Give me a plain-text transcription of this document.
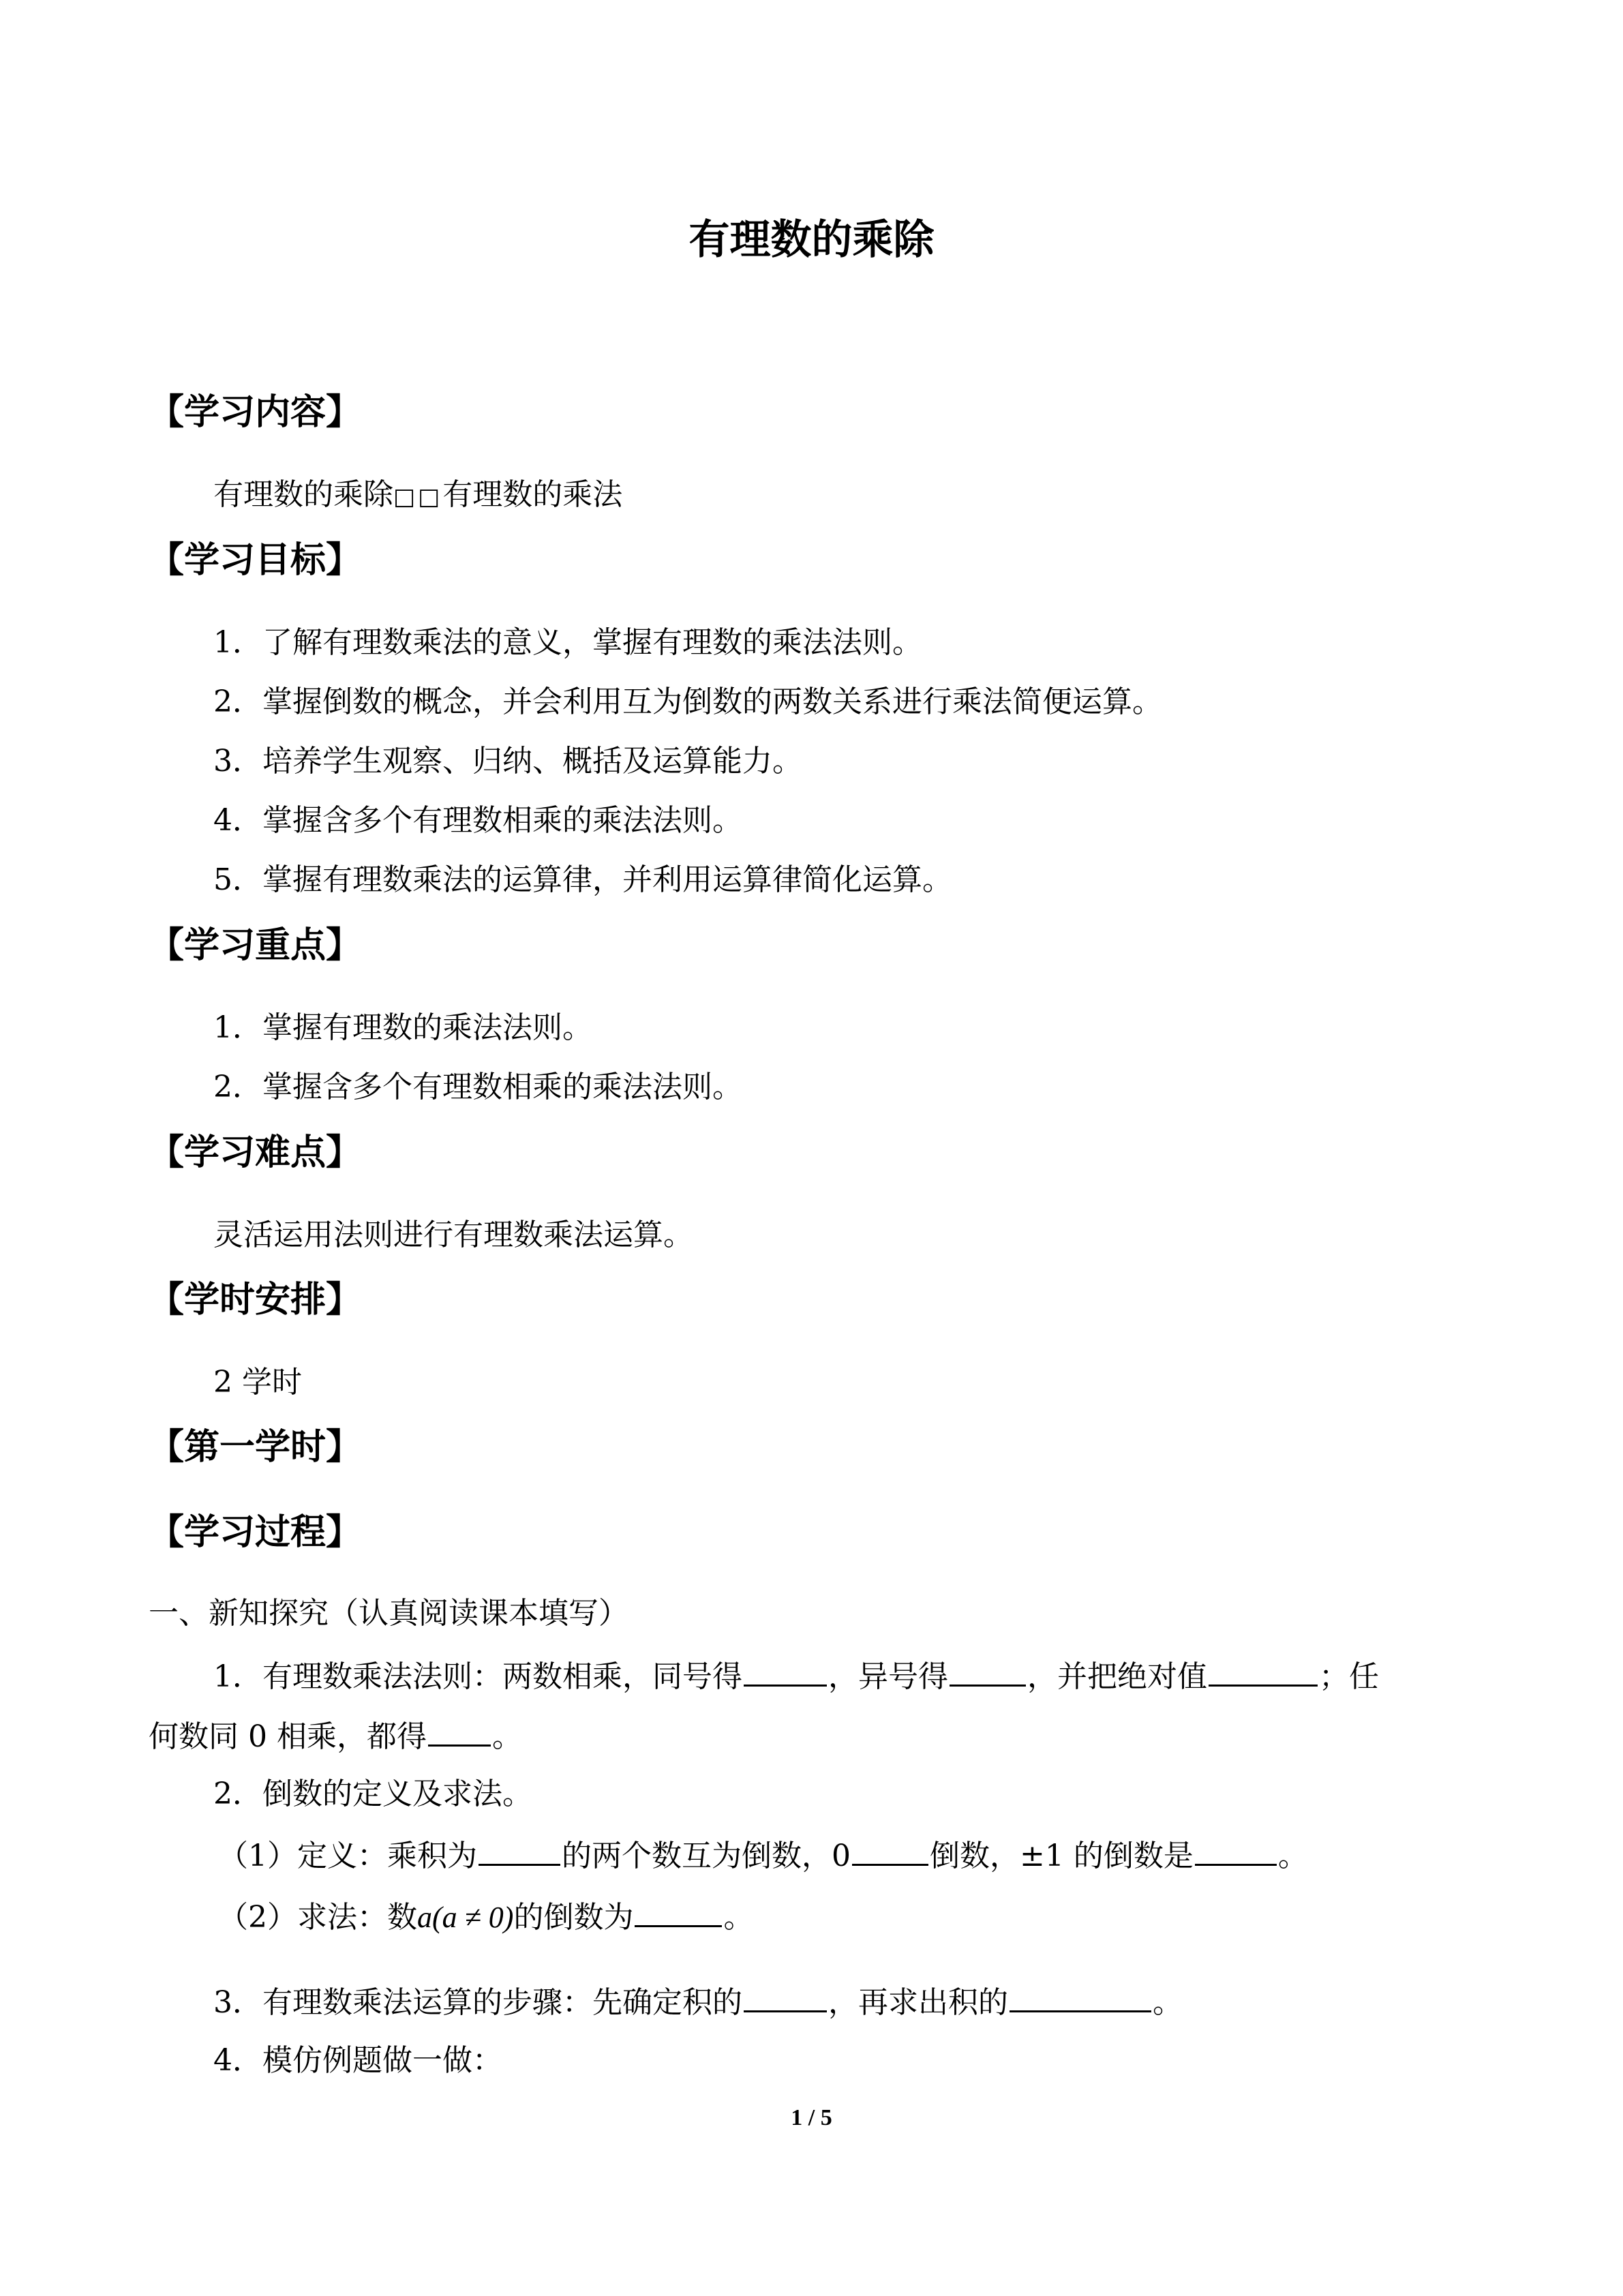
有理数的乘除
【学习内容】
有理数的乘除□□有理数的乘法
【学习目标】
1．了解有理数乘法的意义，掌握有理数的乘法法则。
2．掌握倒数的概念，并会利用互为倒数的两数关系进行乘法简便运算。
3．培养学生观察、归纳、概括及运算能力。
4．掌握含多个有理数相乘的乘法法则。
5．掌握有理数乘法的运算律，并利用运算律简化运算。
【学习重点】
1．掌握有理数的乘法法则。
2．掌握含多个有理数相乘的乘法法则。
【学习难点】
灵活运用法则进行有理数乘法运算。
【学时安排】
2 学时
【第一学时】
【学习过程】
一、新知探究（认真阅读课本填写）
1．有理数乘法法则：两数相乘，同号得	，异号得	，并把绝对值	；任
何数同 0 相乘，都得 。
2．倒数的定义及求法。
（1）定义：乘积为	的两个数互为倒数，0	倒数，±1 的倒数是	。
（2）求法：数a(a ≠ 0)的倒数为	。
3．有理数乘法运算的步骤：先确定积的	，再求出积的	。
4．模仿例题做一做：
1 / 5
